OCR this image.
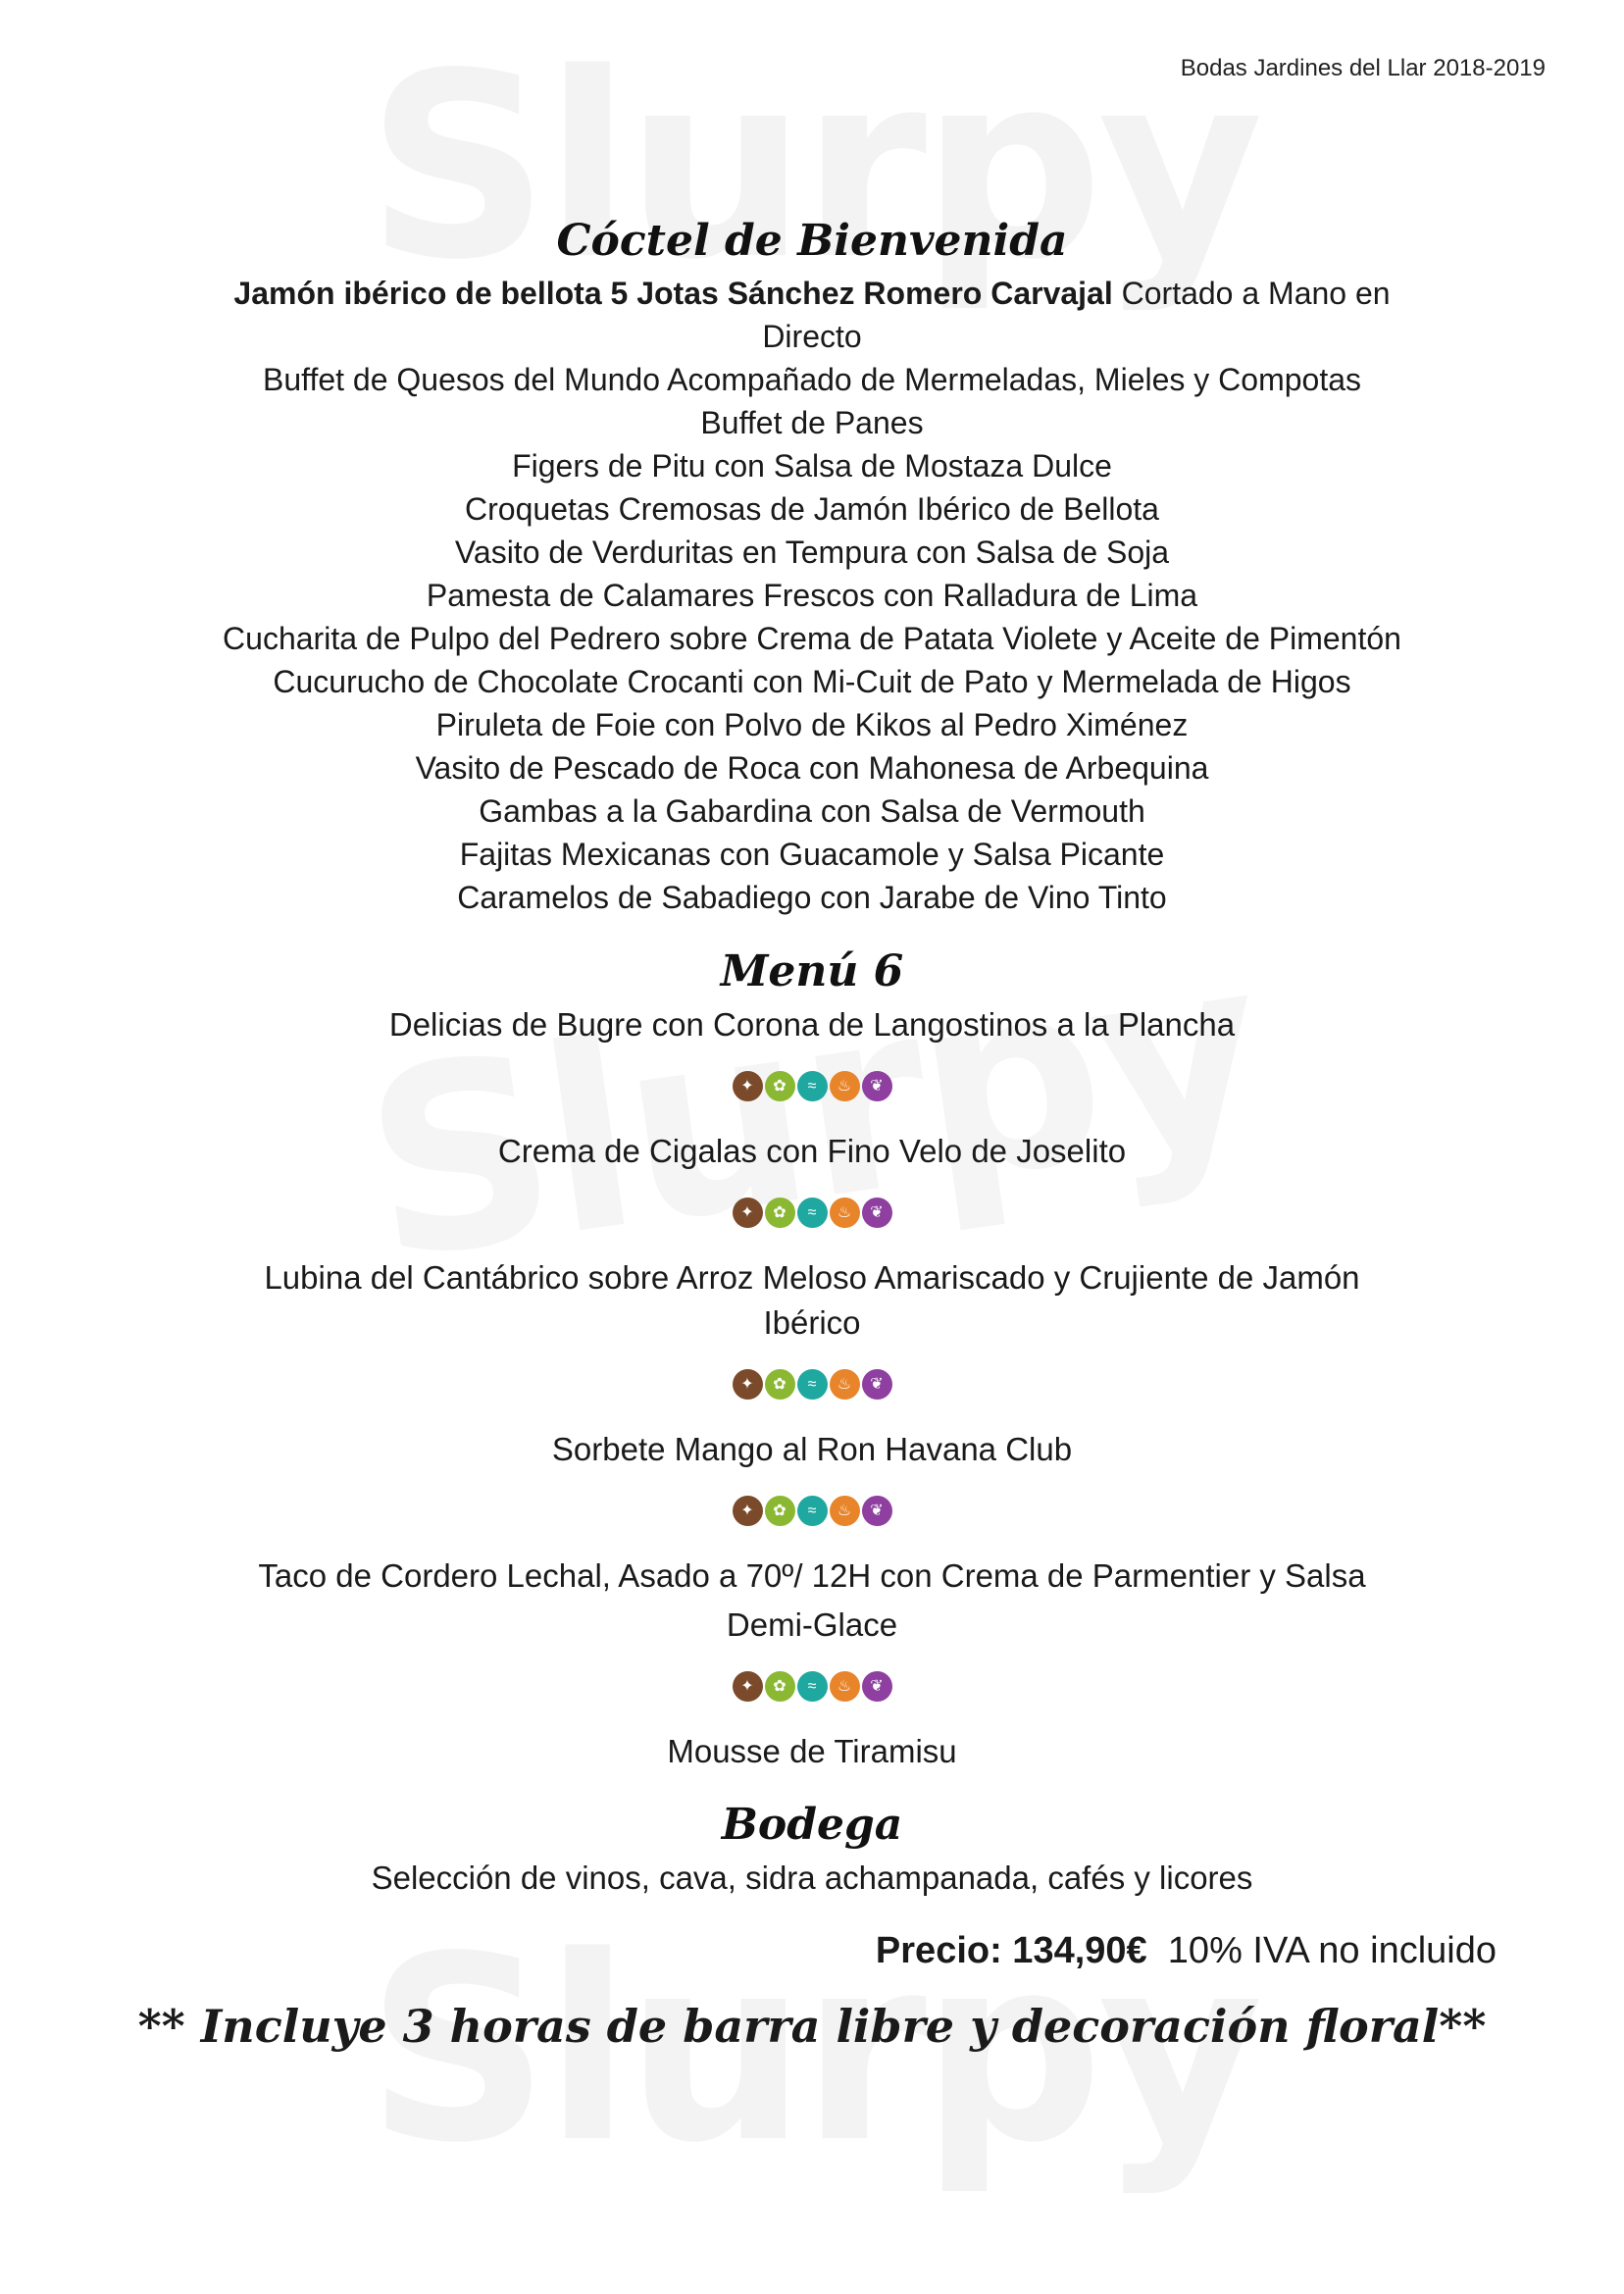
Bodas Jardines del Llar 2018-2019
Cóctel de Bienvenida

Jamón ibérico de bellota 5 Jotas Sánchez Romero Carvajal Cortado a Mano en

Directo

Buffet de Quesos del Mundo Acompañado de Mermeladas, Mieles y Compotas

Buffet de Panes

Figers de Pitu con Salsa de Mostaza Dulce

Croquetas Cremosas de Jamón Ibérico de Bellota

Vasito de Verduritas en Tempura con Salsa de Soja

Pamesta de Calamares Frescos con Ralladura de Lima

Cucharita de Pulpo del Pedrero sobre Crema de Patata Violete y Aceite de Pimentón

Cucurucho de Chocolate Crocanti con Mi-Cuit de Pato y Mermelada de Higos

Piruleta de Foie con Polvo de Kikos al Pedro Ximénez

Vasito de Pescado de Roca con Mahonesa de Arbequina

Gambas a la Gabardina con Salsa de Vermouth

Fajitas Mexicanas con Guacamole y Salsa Picante

Caramelos de Sabadiego con Jarabe de Vino Tinto

Menú 6

Delicias de Bugre con Corona de Langostinos a la Plancha

✦	✿	≈	♨	❦

Crema de Cigalas con Fino Velo de Joselito

✦	✿	≈	♨	❦

Lubina del Cantábrico sobre Arroz Meloso Amariscado y Crujiente de Jamón

Ibérico

✦	✿	≈	♨	❦

Sorbete Mango al Ron Havana Club

✦	✿	≈	♨	❦

Taco de Cordero Lechal, Asado a 70º/ 12H con Crema de Parmentier y Salsa

Demi-Glace

✦	✿	≈	♨	❦

Mousse de Tiramisu

Bodega

Selección de vinos, cava, sidra achampanada, cafés y licores

Precio: 134,90€ 10% IVA no incluido

** Incluye 3 horas de barra libre y decoración floral**
